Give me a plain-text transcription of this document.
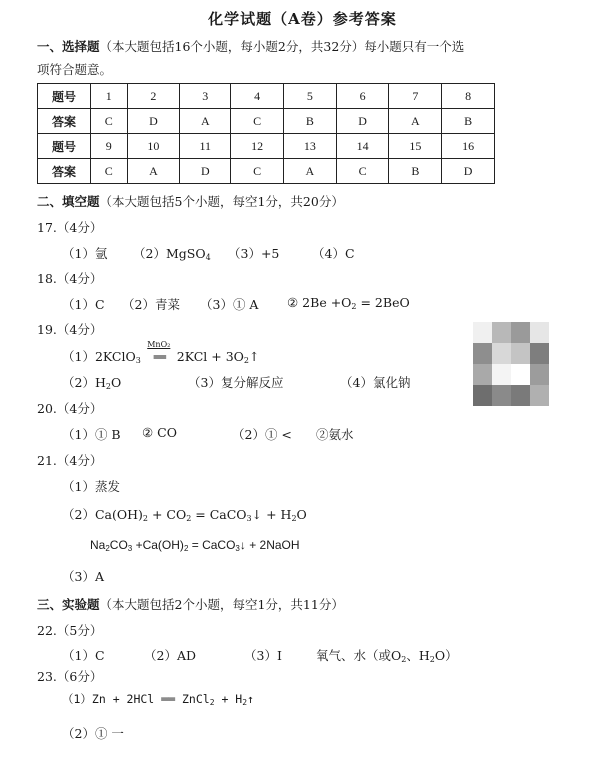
化学试题（A卷）参考答案
一、选择题（本大题包括16个小题，每小题2分，共32分）每小题只有一个选
项符合题意。
题号	1	2	3	4	5	6	7	8
答案	C	D	A	C	B	D	A	B
题号	9	10	11	12	13	14	15	16
答案	C	A	D	C	A	C	B	D
二、填空题（本大题包括5个小题，每空1分，共20分）
17.（4分）
（1）氩 （2）MgSO$_4$ （3）+5	（4）C
18.（4分）
（1）C （2）青菜 （3）① A ② $2Be +O_2 = 2BeO$
19.（4分）
（1）2KClO$_3$
MnO₂
══ $2KCl + 3O_2↑$
$(2)H_2O$	（3）复分解反应	（4）氯化钠
20.（4分）
（1）① B ② CO	（2）① < ②氨水
21.（4分）
（1）蒸发
$(2)Ca(OH)_2 + CO_2$ = CaCO$_3$↓ + $H_2O$
$Na_2CO_3 +Ca(OH)_2$ = CaCO$_3$↓ + 2NaOH
（3）A
三、实验题（本大题包括2个小题，每空1分，共11分）
22.（5分）
（1）C	（2）AD	（3）I	氧气、水（或$O_2$、$H_2O$）
23.（6分）
（1）Zn + 2HCl ══ ZnCl$_2$ + $H_2↑$
（2）① 一
